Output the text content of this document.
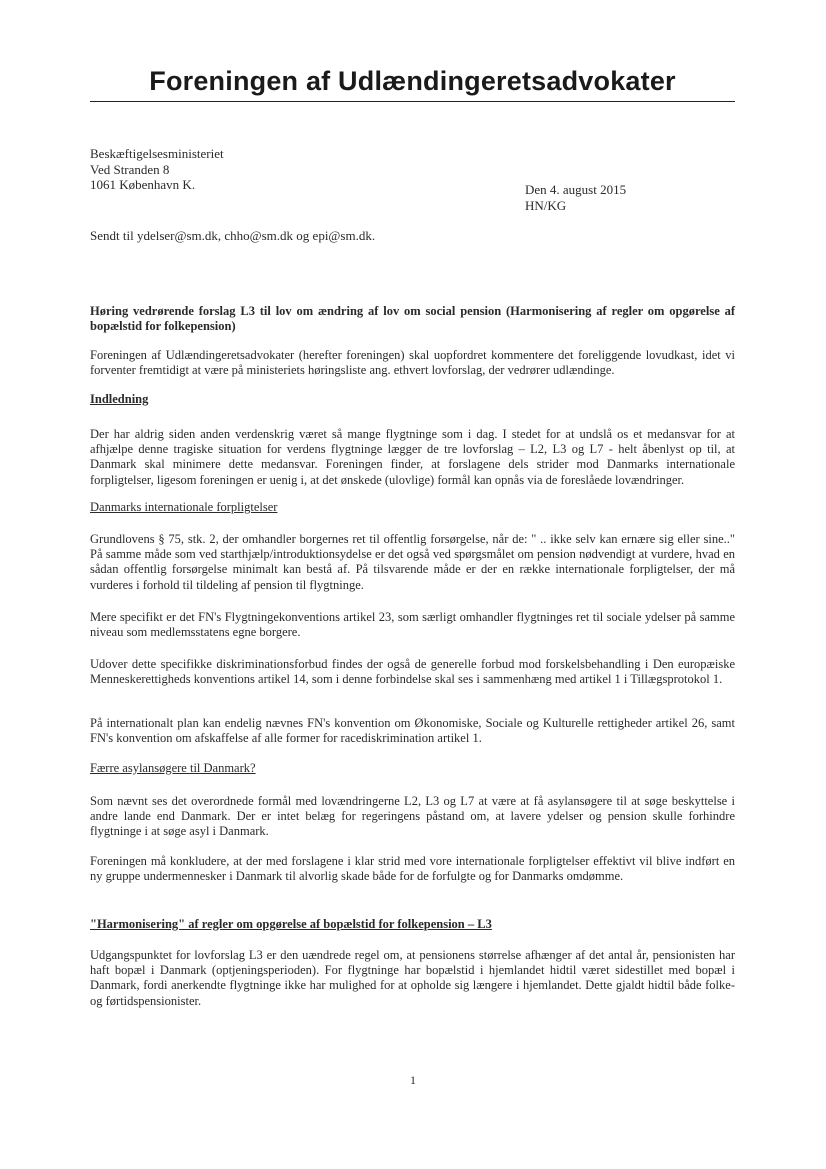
Foreningen af Udlændingeretsadvokater
Beskæftigelsesministeriet
Ved Stranden 8
1061 København K.	Den 4. august 2015
HN/KG
Sendt til ydelser@sm.dk, chho@sm.dk og epi@sm.dk.

Høring vedrørende forslag L3 til lov om ændring af lov om social pension (Harmonisering af regler om opgørelse af bopælstid for folkepension)

Foreningen af Udlændingeretsadvokater (herefter foreningen) skal uopfordret kommentere det foreliggende lovudkast, idet vi forventer fremtidigt at være på ministeriets høringsliste ang. ethvert lovforslag, der vedrører udlændinge.

Indledning

Der har aldrig siden anden verdenskrig været så mange flygtninge som i dag. I stedet for at undslå os et medansvar for at afhjælpe denne tragiske situation for verdens flygtninge lægger de tre lovforslag – L2, L3 og L7 - helt åbenlyst op til, at Danmark skal minimere dette medansvar. Foreningen finder, at forslagene dels strider mod Danmarks internationale forpligtelser, ligesom foreningen er uenig i, at det ønskede (ulovlige) formål kan opnås via de foreslåede lovændringer.

Danmarks internationale forpligtelser

Grundlovens § 75, stk. 2, der omhandler borgernes ret til offentlig forsørgelse, når de: " .. ikke selv kan ernære sig eller sine.." På samme måde som ved starthjælp/introduktionsydelse er det også ved spørgsmålet om pension nødvendigt at vurdere, hvad en sådan offentlig forsørgelse minimalt kan bestå af. På tilsvarende måde er der en række internationale forpligtelser, der må vurderes i forhold til tildeling af pension til flygtninge.

Mere specifikt er det FN's Flygtningekonventions artikel 23, som særligt omhandler flygtninges ret til sociale ydelser på samme niveau som medlemsstatens egne borgere.

Udover dette specifikke diskriminationsforbud findes der også de generelle forbud mod forskelsbehandling i Den europæiske Menneskerettigheds konventions artikel 14, som i denne forbindelse skal ses i sammenhæng med artikel 1 i Tillægsprotokol 1.

På internationalt plan kan endelig nævnes FN's konvention om Økonomiske, Sociale og Kulturelle rettigheder artikel 26, samt FN's konvention om afskaffelse af alle former for racediskrimination artikel 1.

Færre asylansøgere til Danmark?

Som nævnt ses det overordnede formål med lovændringerne L2, L3 og L7 at være at få asylansøgere til at søge beskyttelse i andre lande end Danmark. Der er intet belæg for regeringens påstand om, at lavere ydelser og pension skulle forhindre flygtninge i at søge asyl i Danmark.

Foreningen må konkludere, at der med forslagene i klar strid med vore internationale forpligtelser effektivt vil blive indført en ny gruppe undermennesker i Danmark til alvorlig skade både for de forfulgte og for Danmarks omdømme.

"Harmonisering" af regler om opgørelse af bopælstid for folkepension – L3

Udgangspunktet for lovforslag L3 er den uændrede regel om, at pensionens størrelse afhænger af det antal år, pensionisten har haft bopæl i Danmark (optjeningsperioden). For flygtninge har bopælstid i hjemlandet hidtil været sidestillet med bopæl i Danmark, fordi anerkendte flygtninge ikke har mulighed for at opholde sig længere i hjemlandet. Dette gjaldt hidtil både folke- og førtidspensionister.

1
